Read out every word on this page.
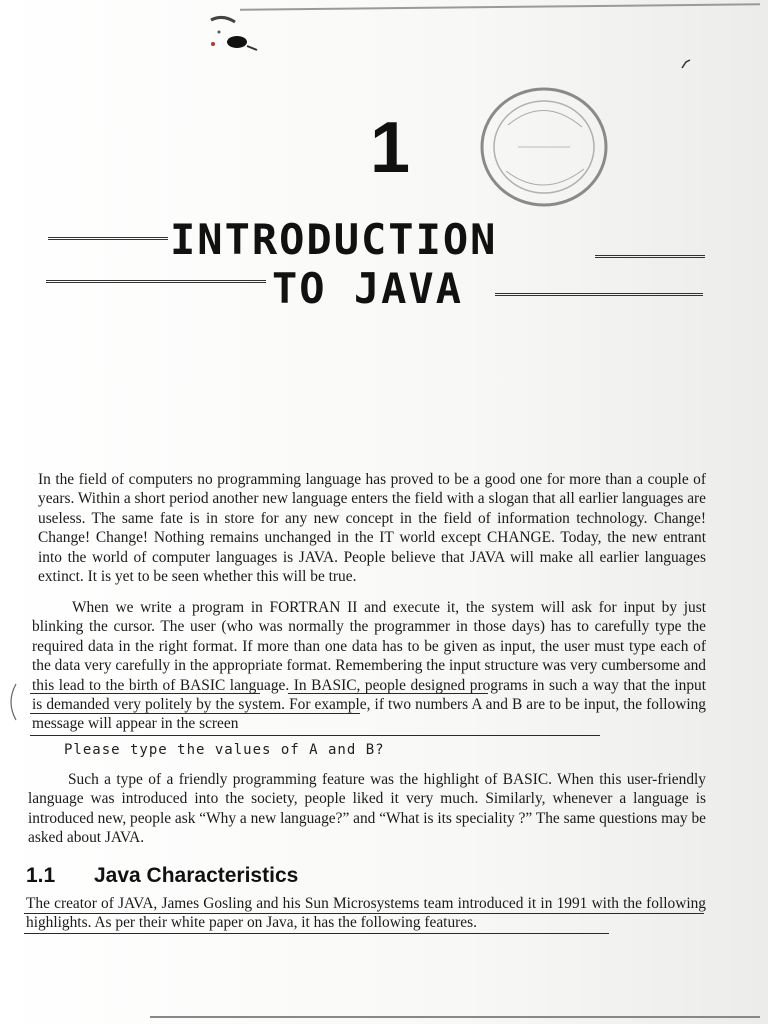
1
INTRODUCTION
TO JAVA

In the field of computers no programming language has proved to be a good one for more than a couple of years. Within a short period another new language enters the field with a slogan that all earlier languages are useless. The same fate is in store for any new concept in the field of information technology. Change! Change! Change! Nothing remains unchanged in the IT world except CHANGE. Today, the new entrant into the world of computer languages is JAVA. People believe that JAVA will make all earlier languages extinct. It is yet to be seen whether this will be true.

When we write a program in FORTRAN II and execute it, the system will ask for input by just blinking the cursor. The user (who was normally the programmer in those days) has to carefully type the required data in the right format. If more than one data has to be given as input, the user must type each of the data very carefully in the appropriate format. Remembering the input structure was very cumbersome and this lead to the birth of BASIC language. In BASIC, people designed programs in such a way that the input is demanded very politely by the system. For example, if two numbers A and B are to be input, the following message will appear in the screen

Please type the values of A and B?

Such a type of a friendly programming feature was the highlight of BASIC. When this user-friendly language was introduced into the society, people liked it very much. Similarly, whenever a language is introduced new, people ask “Why a new language?” and “What is its speciality ?” The same questions may be asked about JAVA.

1.1 Java Characteristics

The creator of JAVA, James Gosling and his Sun Microsystems team introduced it in 1991 with the following highlights. As per their white paper on Java, it has the following features.
